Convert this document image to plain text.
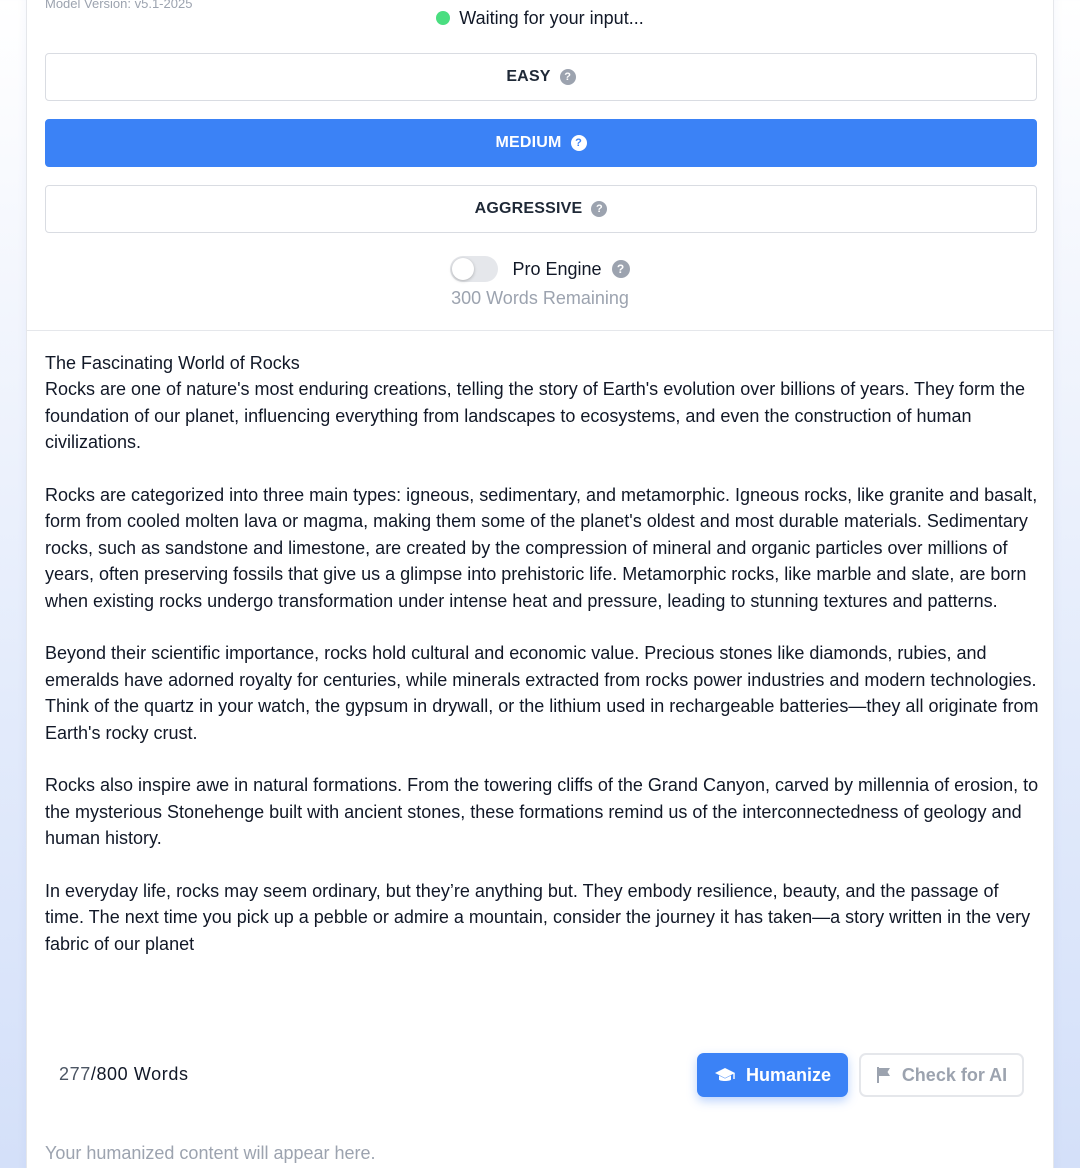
Model Version: v5.1-2025
Waiting for your input...
EASY	?
MEDIUM	?
AGGRESSIVE	?
Pro Engine	?
300 Words Remaining

The Fascinating World of Rocks

Rocks are one of nature's most enduring creations, telling the story of Earth's evolution over billions of years. They form the foundation of our planet, influencing everything from landscapes to ecosystems, and even the construction of human civilizations.

Rocks are categorized into three main types: igneous, sedimentary, and metamorphic. Igneous rocks, like granite and basalt, form from cooled molten lava or magma, making them some of the planet's oldest and most durable materials. Sedimentary rocks, such as sandstone and limestone, are created by the compression of mineral and organic particles over millions of years, often preserving fossils that give us a glimpse into prehistoric life. Metamorphic rocks, like marble and slate, are born when existing rocks undergo transformation under intense heat and pressure, leading to stunning textures and patterns.

Beyond their scientific importance, rocks hold cultural and economic value. Precious stones like diamonds, rubies, and emeralds have adorned royalty for centuries, while minerals extracted from rocks power industries and modern technologies. Think of the quartz in your watch, the gypsum in drywall, or the lithium used in rechargeable batteries—they all originate from Earth's rocky crust.

Rocks also inspire awe in natural formations. From the towering cliffs of the Grand Canyon, carved by millennia of erosion, to the mysterious Stonehenge built with ancient stones, these formations remind us of the interconnectedness of geology and human history.

In everyday life, rocks may seem ordinary, but they’re anything but. They embody resilience, beauty, and the passage of time. The next time you pick up a pebble or admire a mountain, consider the journey it has taken—a story written in the very fabric of our planet

277/800 Words	Humanize	Check for AI
Your humanized content will appear here.
